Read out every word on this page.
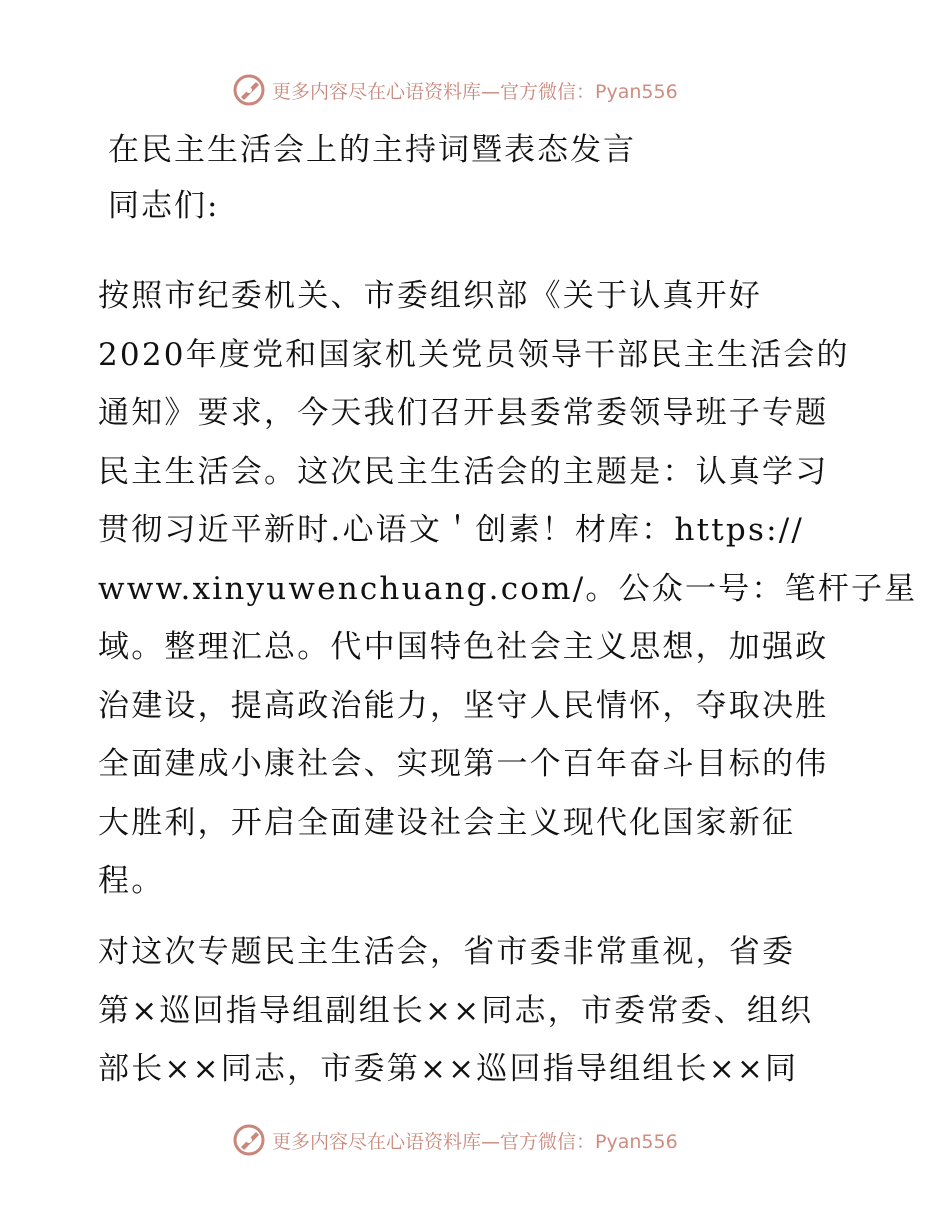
更多内容尽在心语资料库—官方微信：Pyan556
在民主生活会上的主持词暨表态发言
同志们:
按照市纪委机关、市委组织部《关于认真开好
2020年度党和国家机关党员领导干部民主生活会的
通知》要求，今天我们召开县委常委领导班子专题
民主生活会。这次民主生活会的主题是：认真学习
贯彻习近平新时.心语文＇创素！材库：https://
www.xinyuwenchuang.com/。公众一号：笔杆子星
域。整理汇总。代中国特色社会主义思想，加强政
治建设，提高政治能力，坚守人民情怀，夺取决胜
全面建成小康社会、实现第一个百年奋斗目标的伟
大胜利，开启全面建设社会主义现代化国家新征
程。
对这次专题民主生活会，省市委非常重视，省委
第×巡回指导组副组长××同志，市委常委、组织
部长××同志，市委第××巡回指导组组长××同
更多内容尽在心语资料库—官方微信：Pyan556
